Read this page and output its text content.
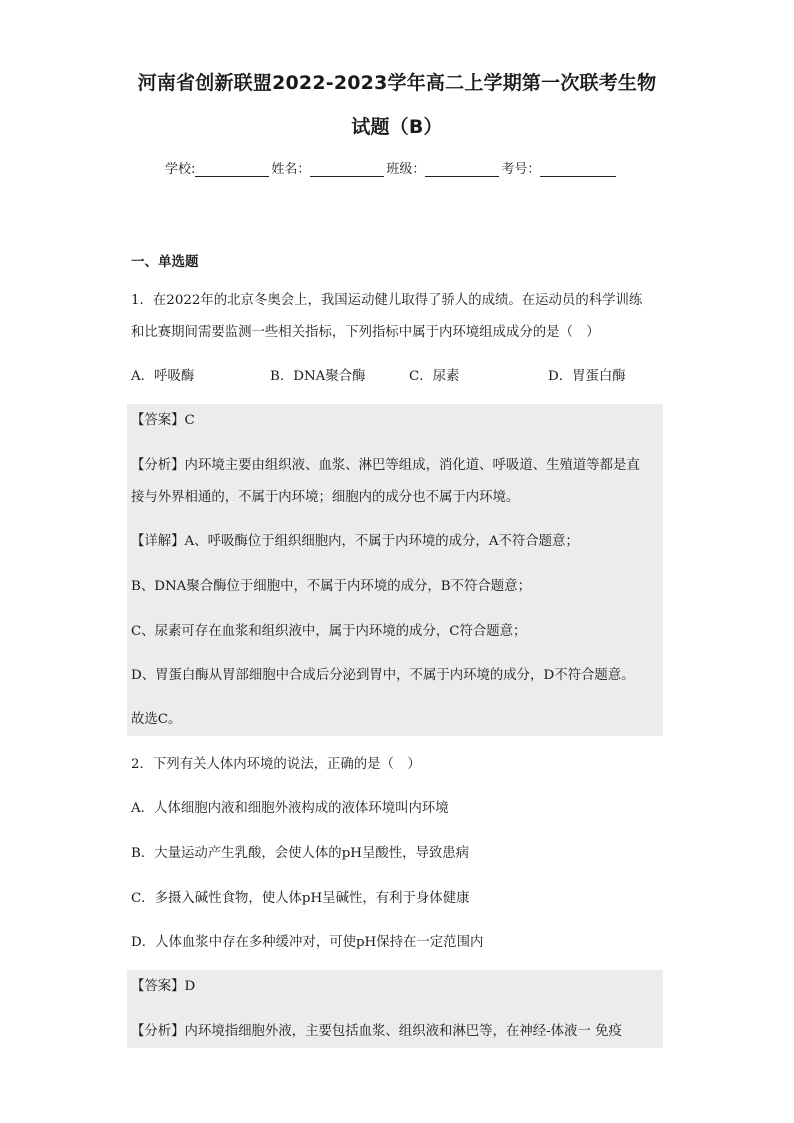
河南省创新联盟2022-2023学年高二上学期第一次联考生物
试题（B）
学校:	姓名：	班级：	考号：
一、单选题
1．在2022年的北京冬奥会上，我国运动健儿取得了骄人的成绩。在运动员的科学训练
和比赛期间需要监测一些相关指标，下列指标中属于内环境组成成分的是（　）
A．呼吸酶	B．DNA聚合酶	C．尿素	D．胃蛋白酶
【答案】C
【分析】内环境主要由组织液、血浆、淋巴等组成，消化道、呼吸道、生殖道等都是直
接与外界相通的，不属于内环境；细胞内的成分也不属于内环境。
【详解】A、呼吸酶位于组织细胞内，不属于内环境的成分，A不符合题意；
B、DNA聚合酶位于细胞中，不属于内环境的成分，B不符合题意；
C、尿素可存在血浆和组织液中，属于内环境的成分，C符合题意；
D、胃蛋白酶从胃部细胞中合成后分泌到胃中，不属于内环境的成分，D不符合题意。
故选C。
2．下列有关人体内环境的说法，正确的是（　）
A．人体细胞内液和细胞外液构成的液体环境叫内环境
B．大量运动产生乳酸，会使人体的pH呈酸性，导致患病
C．多摄入碱性食物，使人体pH呈碱性，有利于身体健康
D．人体血浆中存在多种缓冲对，可使pH保持在一定范围内
【答案】D
【分析】内环境指细胞外液，主要包括血浆、组织液和淋巴等，在神经-体液一 免疫
